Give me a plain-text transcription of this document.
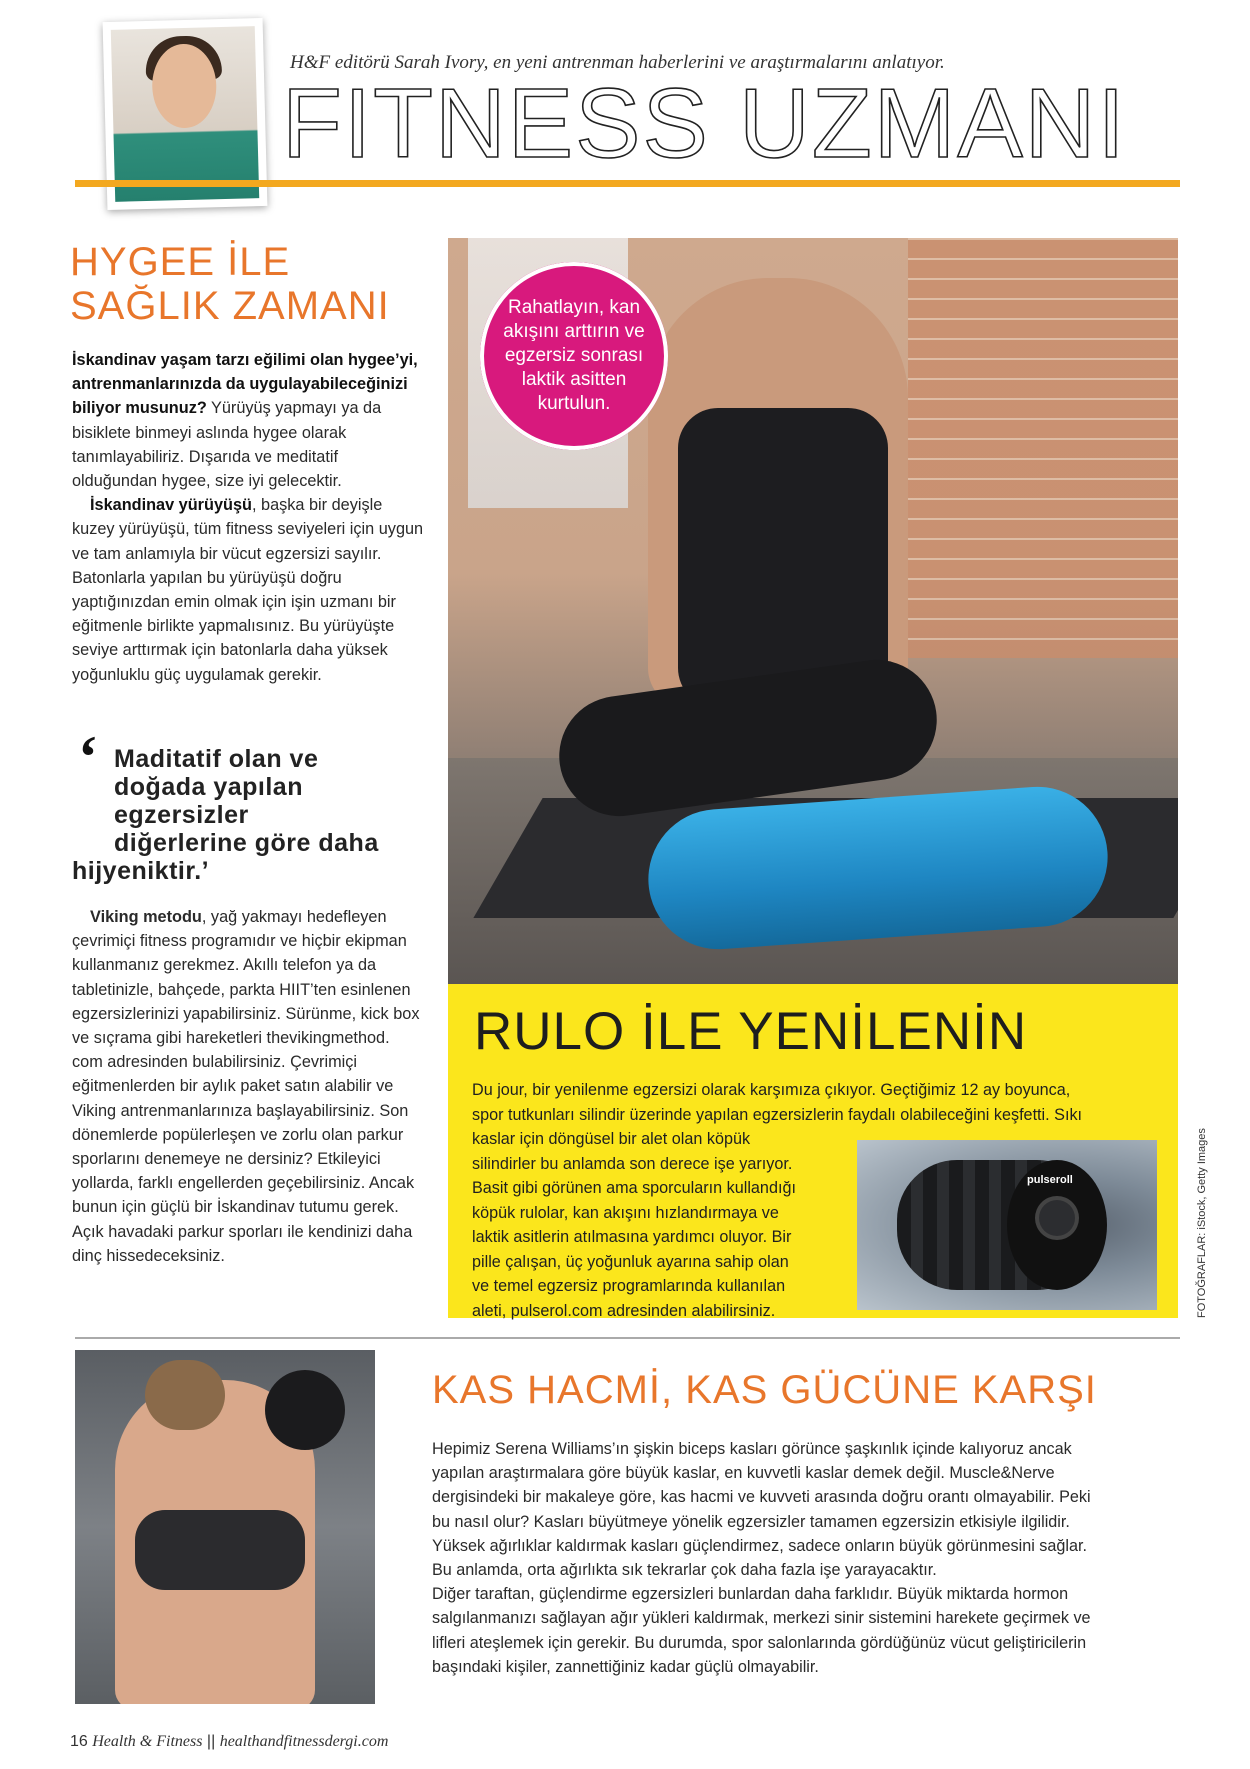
H&F editörü Sarah Ivory, en yeni antrenman haberlerini ve araştırmalarını anlatıyor.
FITNESS UZMANI
HYGEE İLE
SAĞLIK ZAMANI

İskandinav yaşam tarzı eğilimi olan hygee’yi, antrenmanlarınızda da uygulayabileceğinizi biliyor musunuz? Yürüyüş yapmayı ya da bisiklete binmeyi aslında hygee olarak tanımlayabiliriz. Dışarıda ve meditatif olduğundan hygee, size iyi gelecektir.

İskandinav yürüyüşü, başka bir deyişle kuzey yürüyüşü, tüm fitness seviyeleri için uygun ve tam anlamıyla bir vücut egzersizi sayılır. Batonlarla yapılan bu yürüyüşü doğru yaptığınızdan emin olmak için işin uzmanı bir eğitmenle birlikte yapmalısınız. Bu yürüyüşte seviye arttırmak için batonlarla daha yüksek yoğunluklu güç uygulamak gerekir.

‘ Maditatif olan ve
doğada yapılan
egzersizler
diğerlerine göre daha
hijyeniktir.’

Viking metodu, yağ yakmayı hedefleyen çevrimiçi fitness programıdır ve hiçbir ekipman kullanmanız gerekmez. Akıllı telefon ya da tabletinizle, bahçede, parkta HIIT’ten esinlenen egzersizlerinizi yapabilirsiniz. Sürünme, kick box ve sıçrama gibi hareketleri thevikingmethod. com adresinden bulabilirsiniz. Çevrimiçi eğitmenlerden bir aylık paket satın alabilir ve Viking antrenmanlarınıza başlayabilirsiniz. Son dönemlerde popülerleşen ve zorlu olan parkur sporlarını denemeye ne dersiniz? Etkileyici yollarda, farklı engellerden geçebilirsiniz. Ancak bunun için güçlü bir İskandinav tutumu gerek. Açık havadaki parkur sporları ile kendinizi daha dinç hissedeceksiniz.

Rahatlayın, kan akışını arttırın ve egzersiz sonrası laktik asitten kurtulun.
RULO İLE YENİLENİN
Du jour, bir yenilenme egzersizi olarak karşımıza çıkıyor. Geçtiğimiz 12 ay boyunca,
spor tutkunları silindir üzerinde yapılan egzersizlerin faydalı olabileceğini keşfetti. Sıkı
kaslar için döngüsel bir alet olan köpük
silindirler bu anlamda son derece işe yarıyor.
Basit gibi görünen ama sporcuların kullandığı
köpük rulolar, kan akışını hızlandırmaya ve
laktik asitlerin atılmasına yardımcı oluyor. Bir
pille çalışan, üç yoğunluk ayarına sahip olan
ve temel egzersiz programlarında kullanılan
aleti, pulserol.com adresinden alabilirsiniz.
pulseroll	FOTOĞRAFLAR: iStock, Getty Images
KAS HACMİ, KAS GÜCÜNE KARŞI
Hepimiz Serena Williams’ın şişkin biceps kasları görünce şaşkınlık içinde kalıyoruz ancak
yapılan araştırmalara göre büyük kaslar, en kuvvetli kaslar demek değil. Muscle&Nerve
dergisindeki bir makaleye göre, kas hacmi ve kuvveti arasında doğru orantı olmayabilir. Peki
bu nasıl olur? Kasları büyütmeye yönelik egzersizler tamamen egzersizin etkisiyle ilgilidir.
Yüksek ağırlıklar kaldırmak kasları güçlendirmez, sadece onların büyük görünmesini sağlar.
Bu anlamda, orta ağırlıkta sık tekrarlar çok daha fazla işe yarayacaktır.
Diğer taraftan, güçlendirme egzersizleri bunlardan daha farklıdır. Büyük miktarda hormon
salgılanmanızı sağlayan ağır yükleri kaldırmak, merkezi sinir sistemini harekete geçirmek ve
lifleri ateşlemek için gerekir. Bu durumda, spor salonlarında gördüğünüz vücut geliştiricilerin
başındaki kişiler, zannettiğiniz kadar güçlü olmayabilir.
16 Health & Fitness || healthandfitnessdergi.com
